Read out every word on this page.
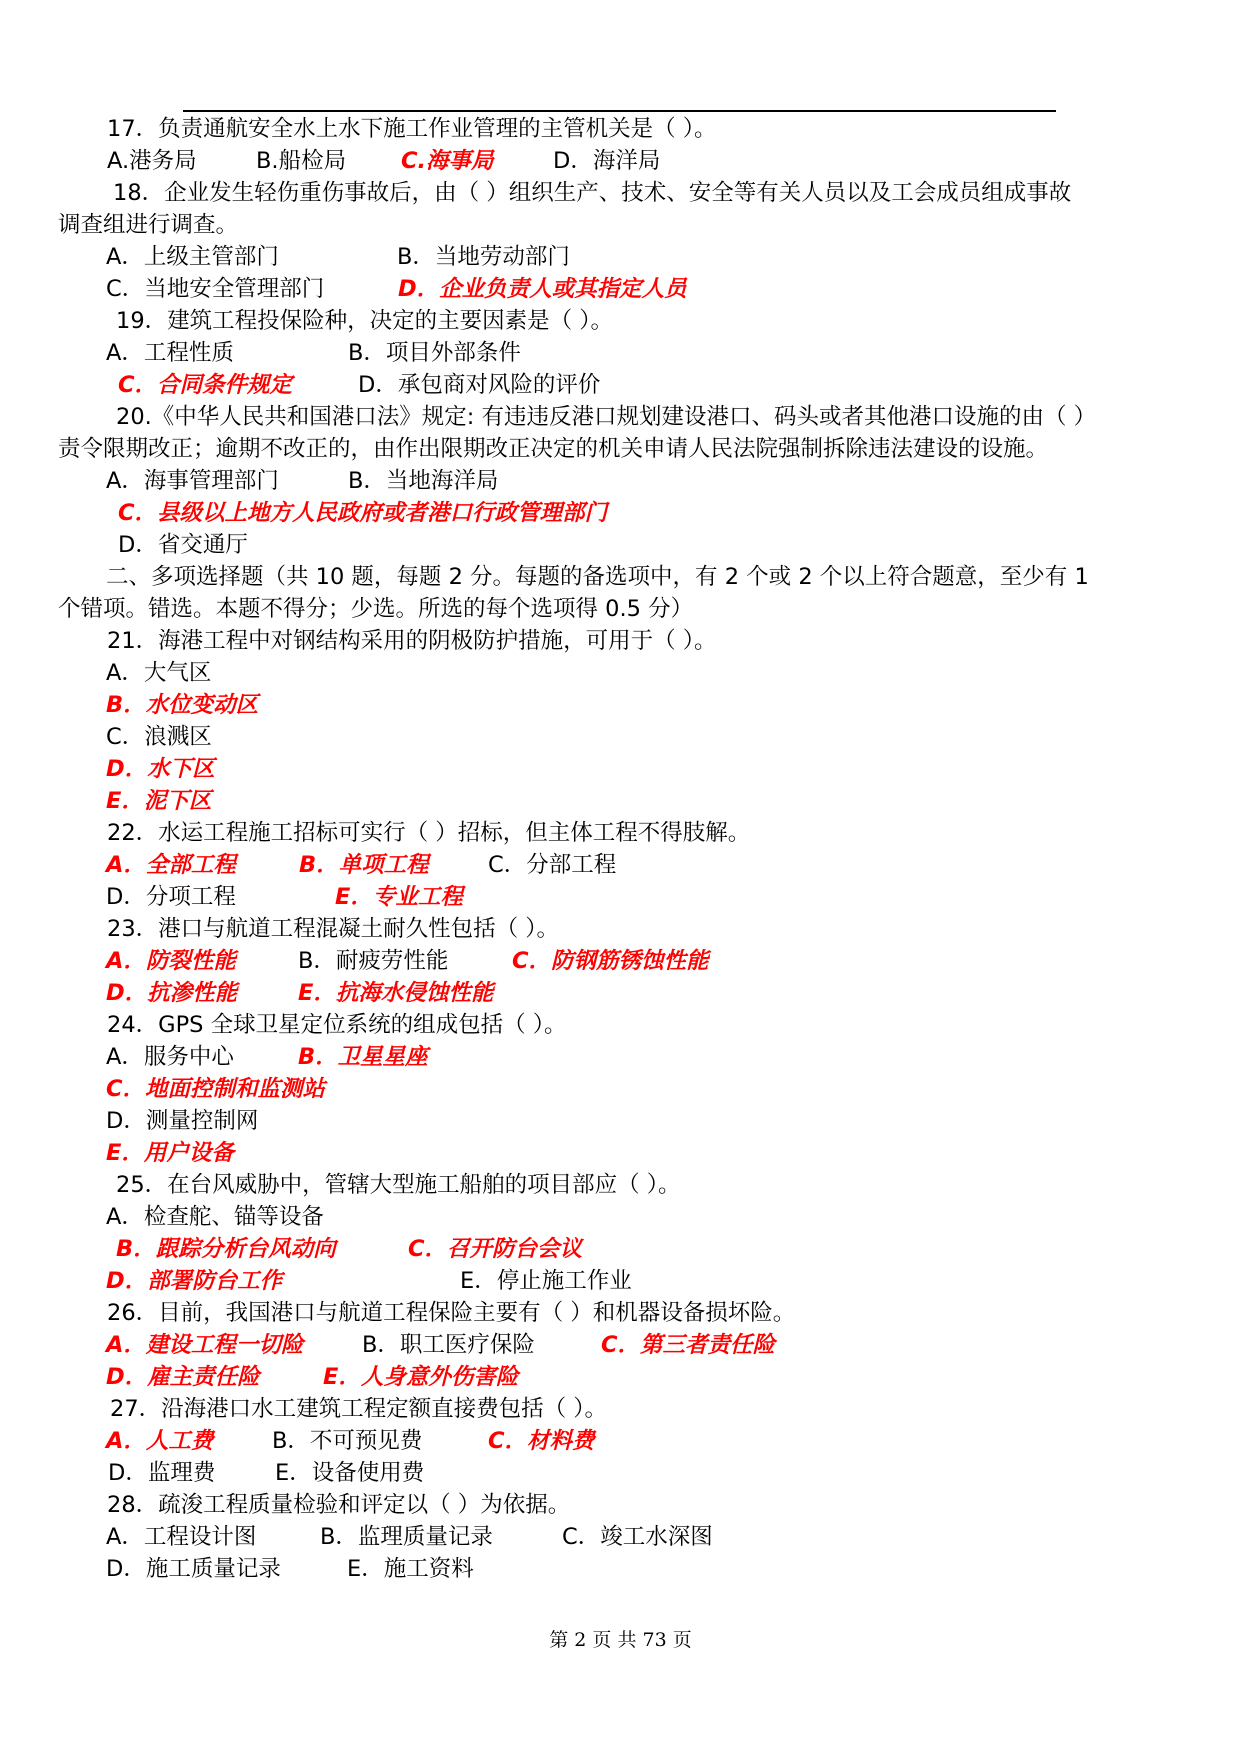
17．负责通航安全水上水下施工作业管理的主管机关是（ ）。
A.港务局	B.船检局 C.海事局	D．海洋局
18．企业发生轻伤重伤事故后，由（ ）组织生产、技术、安全等有关人员以及工会成员组成事故
调查组进行调查。
A．上级主管部门	B．当地劳动部门
C．当地安全管理部门	D．企业负责人或其指定人员
19．建筑工程投保险种，决定的主要因素是（ ）。
A．工程性质	B．项目外部条件
C．合同条件规定	D．承包商对风险的评价
20.《中华人民共和国港口法》规定: 有违违反港口规划建设港口、码头或者其他港口设施的由（ ）
责令限期改正；逾期不改正的，由作出限期改正决定的机关申请人民法院强制拆除违法建设的设施。
A．海事管理部门	B．当地海洋局
C．县级以上地方人民政府或者港口行政管理部门
D．省交通厅
二、多项选择题（共 10 题，每题 2 分。每题的备选项中，有 2 个或 2 个以上符合题意，至少有 1
个错项。错选。本题不得分；少选。所选的每个选项得 0.5 分）
21．海港工程中对钢结构采用的阴极防护措施，可用于（ ）。
A．大气区
B．水位变动区
C．浪溅区
D．水下区
E．泥下区
22．水运工程施工招标可实行（ ）招标，但主体工程不得肢解。
A．全部工程	B．单项工程	C．分部工程
D．分项工程	E．专业工程
23．港口与航道工程混凝土耐久性包括（ ）。
A．防裂性能	B．耐疲劳性能	C．防钢筋锈蚀性能
D．抗渗性能	E．抗海水侵蚀性能
24．GPS 全球卫星定位系统的组成包括（ ）。
A．服务中心	B．卫星星座
C．地面控制和监测站
D．测量控制网
E．用户设备
25．在台风威胁中，管辖大型施工船舶的项目部应（ ）。
A．检查舵、锚等设备
B．跟踪分析台风动向	C．召开防台会议
D．部署防台工作	E．停止施工作业
26．目前，我国港口与航道工程保险主要有（ ）和机器设备损坏险。
A．建设工程一切险	B．职工医疗保险	C．第三者责任险
D．雇主责任险	E．人身意外伤害险
27．沿海港口水工建筑工程定额直接费包括（ ）。
A．人工费	B．不可预见费	C．材料费
D．监理费	E．设备使用费
28．疏浚工程质量检验和评定以（ ）为依据。
A．工程设计图	B．监理质量记录	C．竣工水深图
D．施工质量记录	E．施工资料
第 2 页 共 73 页
